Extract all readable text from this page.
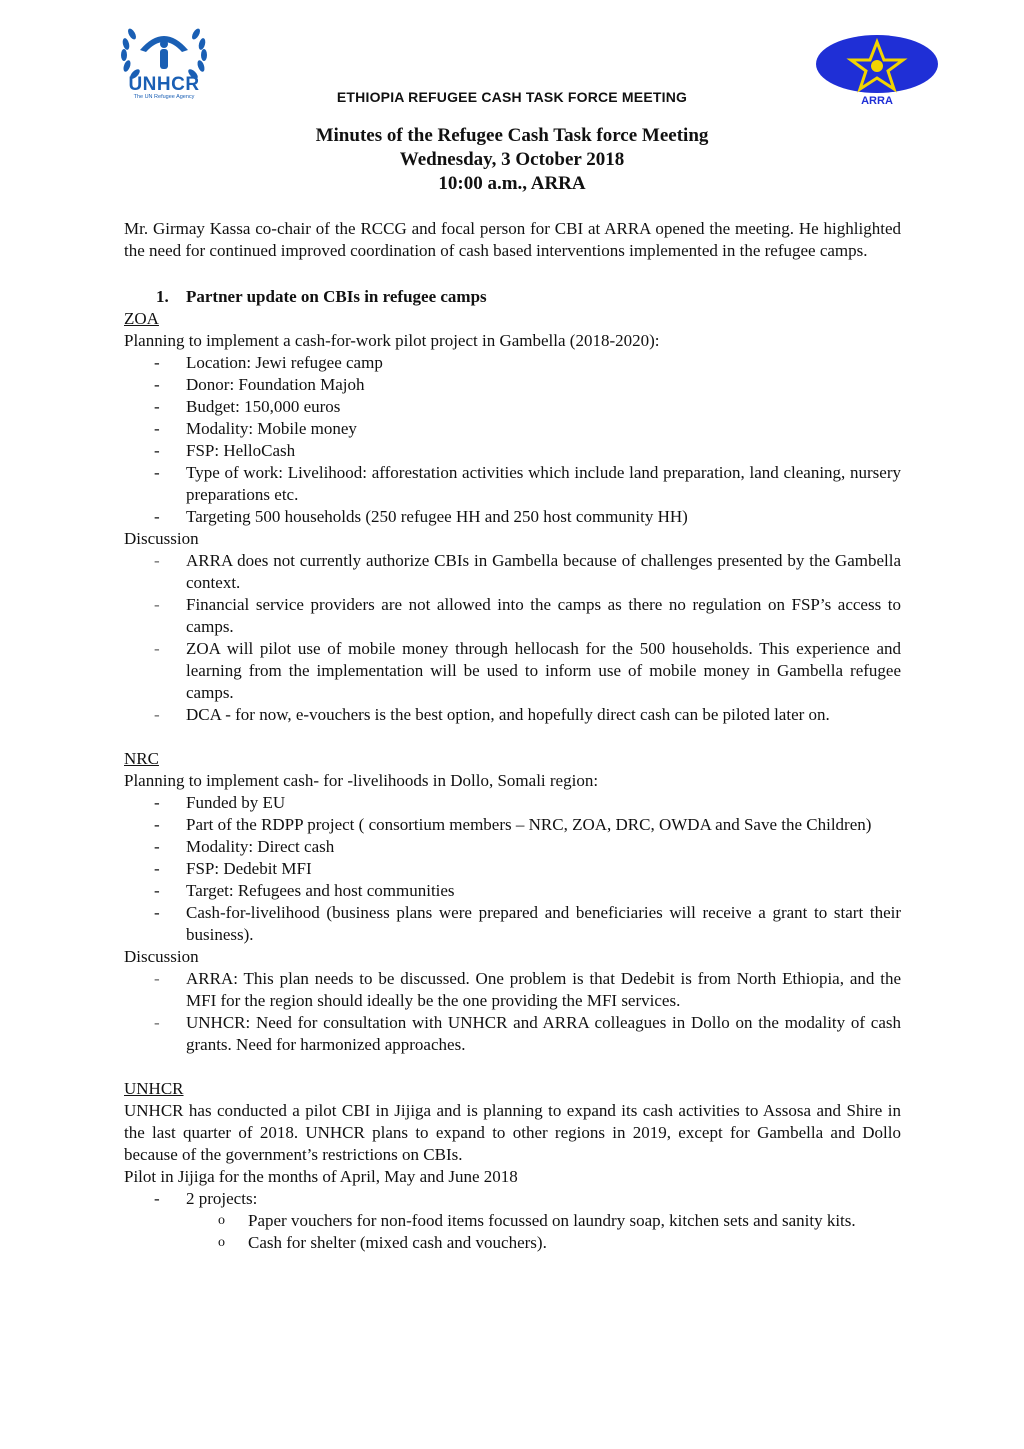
UNHCR
The UN Refugee Agency	ARRA
ETHIOPIA REFUGEE CASH TASK FORCE MEETING
Minutes of the Refugee Cash Task force Meeting
Wednesday, 3 October 2018
10:00 a.m., ARRA

Mr. Girmay Kassa co-chair of the RCCG and focal person for CBI at ARRA opened the meeting. He highlighted the need for continued improved coordination of cash based interventions implemented in the refugee camps.

1. Partner update on CBIs in refugee camps

ZOA

Planning to implement a cash-for-work pilot project in Gambella (2018-2020):

- Location: Jewi refugee camp
- Donor: Foundation Majoh
- Budget: 150,000 euros
- Modality: Mobile money
- FSP: HelloCash
- Type of work: Livelihood: afforestation activities which include land preparation, land cleaning, nursery preparations etc.
- Targeting 500 households (250 refugee HH and 250 host community HH)

Discussion

- ARRA does not currently authorize CBIs in Gambella because of challenges presented by the Gambella context.
- Financial service providers are not allowed into the camps as there no regulation on FSP’s access to camps.
- ZOA will pilot use of mobile money through hellocash for the 500 households. This experience and learning from the implementation will be used to inform use of mobile money in Gambella refugee camps.
- DCA - for now, e-vouchers is the best option, and hopefully direct cash can be piloted later on.

NRC

Planning to implement cash- for -livelihoods in Dollo, Somali region:

- Funded by EU
- Part of the RDPP project ( consortium members – NRC, ZOA, DRC, OWDA and Save the Children)
- Modality: Direct cash
- FSP: Dedebit MFI
- Target: Refugees and host communities
- Cash-for-livelihood (business plans were prepared and beneficiaries will receive a grant to start their business).

Discussion

- ARRA: This plan needs to be discussed. One problem is that Dedebit is from North Ethiopia, and the MFI for the region should ideally be the one providing the MFI services.
- UNHCR: Need for consultation with UNHCR and ARRA colleagues in Dollo on the modality of cash grants. Need for harmonized approaches.

UNHCR

UNHCR has conducted a pilot CBI in Jijiga and is planning to expand its cash activities to Assosa and Shire in the last quarter of 2018. UNHCR plans to expand to other regions in 2019, except for Gambella and Dollo because of the government’s restrictions on CBIs.

Pilot in Jijiga for the months of April, May and June 2018

- 2 projects:
o Paper vouchers for non-food items focussed on laundry soap, kitchen sets and sanity kits.
o Cash for shelter (mixed cash and vouchers).
